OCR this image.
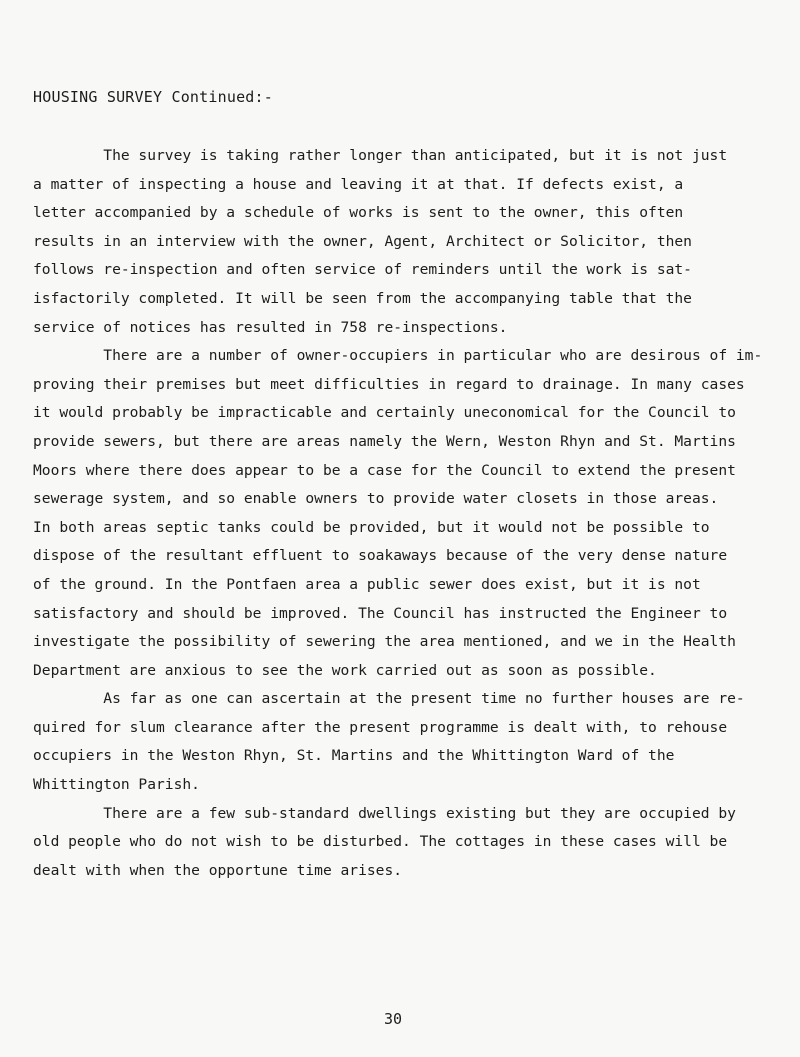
HOUSING SURVEY Continued:-
The survey is taking rather longer than anticipated, but it is not just
a matter of inspecting a house and leaving it at that. If defects exist, a
letter accompanied by a schedule of works is sent to the owner, this often
results in an interview with the owner, Agent, Architect or Solicitor, then
follows re-inspection and often service of reminders until the work is sat-
isfactorily completed. It will be seen from the accompanying table that the
service of notices has resulted in 758 re-inspections.
There are a number of owner-occupiers in particular who are desirous of im-
proving their premises but meet difficulties in regard to drainage. In many cases
it would probably be impracticable and certainly uneconomical for the Council to
provide sewers, but there are areas namely the Wern, Weston Rhyn and St. Martins
Moors where there does appear to be a case for the Council to extend the present
sewerage system, and so enable owners to provide water closets in those areas.
In both areas septic tanks could be provided, but it would not be possible to
dispose of the resultant effluent to soakaways because of the very dense nature
of the ground. In the Pontfaen area a public sewer does exist, but it is not
satisfactory and should be improved. The Council has instructed the Engineer to
investigate the possibility of sewering the area mentioned, and we in the Health
Department are anxious to see the work carried out as soon as possible.
As far as one can ascertain at the present time no further houses are re-
quired for slum clearance after the present programme is dealt with, to rehouse
occupiers in the Weston Rhyn, St. Martins and the Whittington Ward of the
Whittington Parish.
There are a few sub-standard dwellings existing but they are occupied by
old people who do not wish to be disturbed. The cottages in these cases will be
dealt with when the opportune time arises.
30
